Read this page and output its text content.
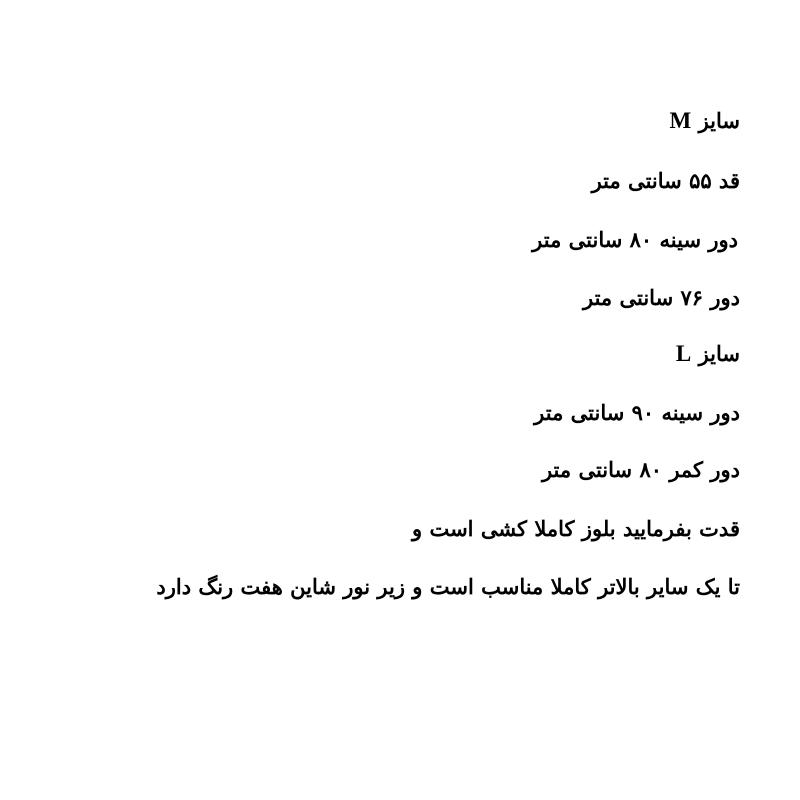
سایز M
قد ۵۵ سانتی متر
دور سینه ۸۰ سانتی متر
دور ۷۶ سانتی متر
سایز L
دور سینه ۹۰ سانتی متر
دور کمر ۸۰ سانتی متر
قدت بفرمایید بلوز کاملا کشی است و
تا یک سایر بالاتر کاملا مناسب است و زیر نور شاین هفت رنگ دارد
